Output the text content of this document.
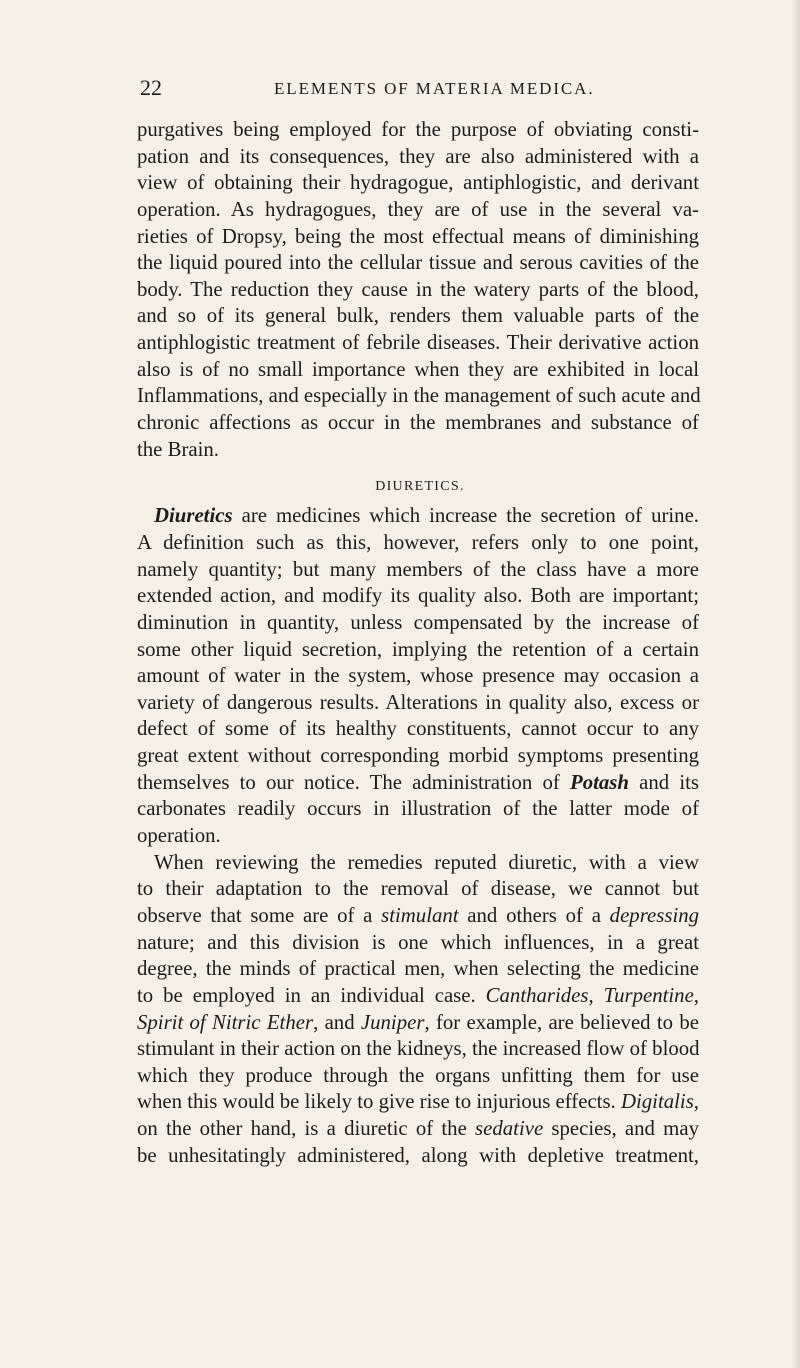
22	ELEMENTS OF MATERIA MEDICA.
purgatives being employed for the purpose of obviating consti-
pation and its consequences, they are also administered with a
view of obtaining their hydragogue, antiphlogistic, and derivant
operation. As hydragogues, they are of use in the several va-
rieties of Dropsy, being the most effectual means of diminishing
the liquid poured into the cellular tissue and serous cavities of the
body. The reduction they cause in the watery parts of the blood,
and so of its general bulk, renders them valuable parts of the
antiphlogistic treatment of febrile diseases. Their derivative action
also is of no small importance when they are exhibited in local
Inflammations, and especially in the management of such acute and
chronic affections as occur in the membranes and substance of
the Brain.
DIURETICS.
Diuretics are medicines which increase the secretion of urine.
A definition such as this, however, refers only to one point,
namely quantity; but many members of the class have a more
extended action, and modify its quality also. Both are important;
diminution in quantity, unless compensated by the increase of
some other liquid secretion, implying the retention of a certain
amount of water in the system, whose presence may occasion a
variety of dangerous results. Alterations in quality also, excess or
defect of some of its healthy constituents, cannot occur to any
great extent without corresponding morbid symptoms presenting
themselves to our notice. The administration of Potash and its
carbonates readily occurs in illustration of the latter mode of
operation.
When reviewing the remedies reputed diuretic, with a view
to their adaptation to the removal of disease, we cannot but
observe that some are of a stimulant and others of a depressing
nature; and this division is one which influences, in a great
degree, the minds of practical men, when selecting the medicine
to be employed in an individual case. Cantharides, Turpentine,
Spirit of Nitric Ether, and Juniper, for example, are believed to be
stimulant in their action on the kidneys, the increased flow of blood
which they produce through the organs unfitting them for use
when this would be likely to give rise to injurious effects. Digitalis,
on the other hand, is a diuretic of the sedative species, and may
be unhesitatingly administered, along with depletive treatment,
